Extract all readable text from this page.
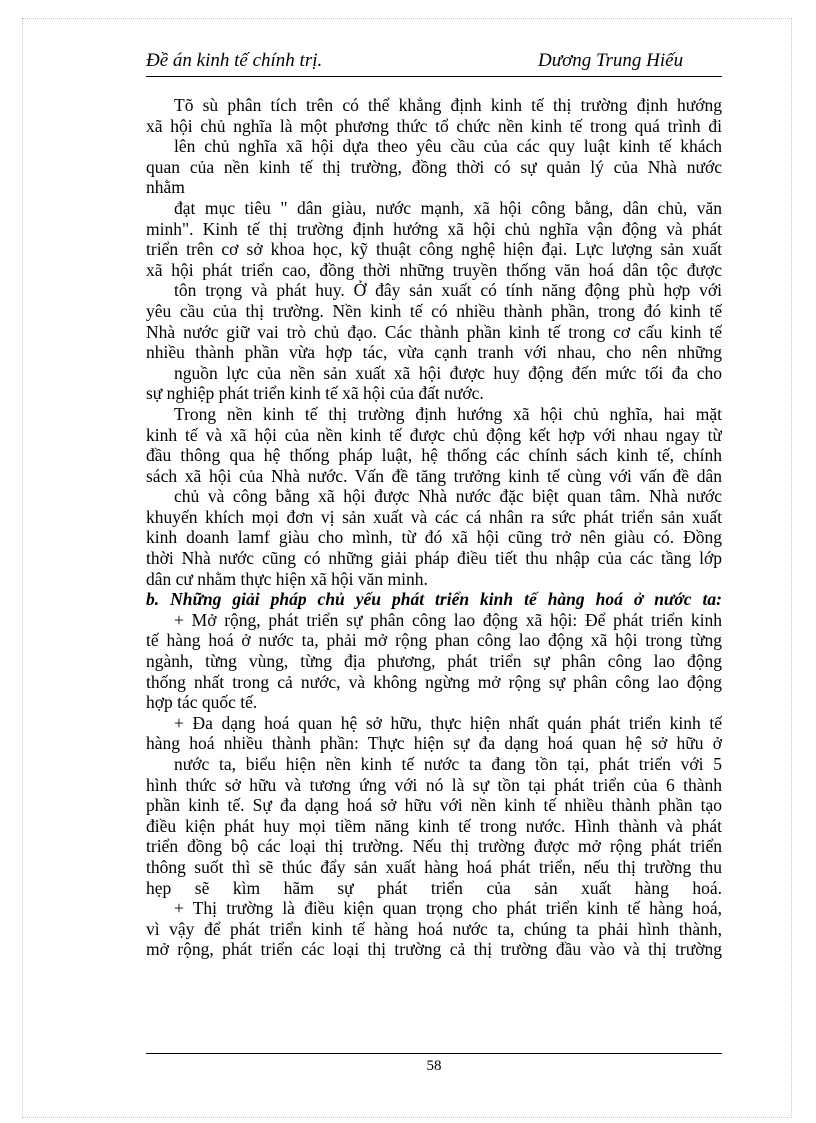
Đề án kinh tế chính trị.	Dương Trung Hiếu
Tõ sù phân tích trên có thể khẳng định kinh tế thị trường định hướng
xã hội chủ nghĩa là một phương thức tổ chức nền kinh tế trong quá trình đi
lên chủ nghĩa xã hội dựa theo yêu cầu của các quy luật kinh tế khách
quan của nền kinh tế thị trường, đồng thời có sự quản lý của Nhà nước
nhằm
đạt mục tiêu " dân giàu, nước mạnh, xã hội công bằng, dân chủ, văn
minh". Kinh tế thị trường định hướng xã hội chủ nghĩa vận động và phát
triển trên cơ sở khoa học, kỹ thuật công nghệ hiện đại. Lực lượng sản xuất
xã hội phát triển cao, đồng thời những truyền thống văn hoá dân tộc được
tôn trọng và phát huy. Ở đây sản xuất có tính năng động phù hợp với
yêu cầu của thị trường. Nền kinh tế có nhiều thành phần, trong đó kinh tế
Nhà nước giữ vai trò chủ đạo. Các thành phần kinh tế trong cơ cấu kinh tế
nhiều thành phần vừa hợp tác, vừa cạnh tranh với nhau, cho nên những
nguồn lực của nền sản xuất xã hội được huy động đến mức tối đa cho
sự nghiệp phát triển kinh tế xã hội của đất nước.
Trong nền kinh tế thị trường định hướng xã hội chủ nghĩa, hai mặt
kinh tế và xã hội của nền kinh tế được chủ động kết hợp với nhau ngay từ
đầu thông qua hệ thống pháp luật, hệ thống các chính sách kinh tế, chính
sách xã hội của Nhà nước. Vấn đề tăng trưởng kinh tế cùng với vấn đề dân
chủ và công bằng xã hội được Nhà nước đặc biệt quan tâm. Nhà nước
khuyến khích mọi đơn vị sản xuất và các cá nhân ra sức phát triển sản xuất
kinh doanh lamf giàu cho mình, từ đó xã hội cũng trở nên giàu có. Đồng
thời Nhà nước cũng có những giải pháp điều tiết thu nhập của các tầng lớp
dân cư nhằm thực hiện xã hội văn minh.
b. Những giải pháp chủ yếu phát triển kinh tế hàng hoá ở nước ta:
+ Mở rộng, phát triển sự phân công lao động xã hội: Để phát triển kinh
tế hàng hoá ở nước ta, phải mở rộng phan công lao động xã hội trong từng
ngành, từng vùng, từng địa phương, phát triển sự phân công lao động
thống nhất trong cả nước, và không ngừng mở rộng sự phân công lao động
hợp tác quốc tế.
+ Đa dạng hoá quan hệ sở hữu, thực hiện nhất quán phát triển kinh tế
hàng hoá nhiều thành phần: Thực hiện sự đa dạng hoá quan hệ sở hữu ở
nước ta, biểu hiện nền kinh tế nước ta đang tồn tại, phát triển với 5
hình thức sở hữu và tương ứng với nó là sự tồn tại phát triển của 6 thành
phần kinh tế. Sự đa dạng hoá sở hữu với nền kinh tế nhiều thành phần tạo
điều kiện phát huy mọi tiềm năng kinh tế trong nước. Hình thành và phát
triển đồng bộ các loại thị trường. Nếu thị trường được mở rộng phát triển
thông suốt thì sẽ thúc đẩy sản xuất hàng hoá phát triển, nếu thị trường thu
hẹp sẽ kìm hãm sự phát triển của sản xuất hàng hoá.
+ Thị trường là điều kiện quan trọng cho phát triển kinh tế hàng hoá,
vì vậy để phát triển kinh tế hàng hoá nước ta, chúng ta phải hình thành,
mở rộng, phát triển các loại thị trường cả thị trường đầu vào và thị trường
58
